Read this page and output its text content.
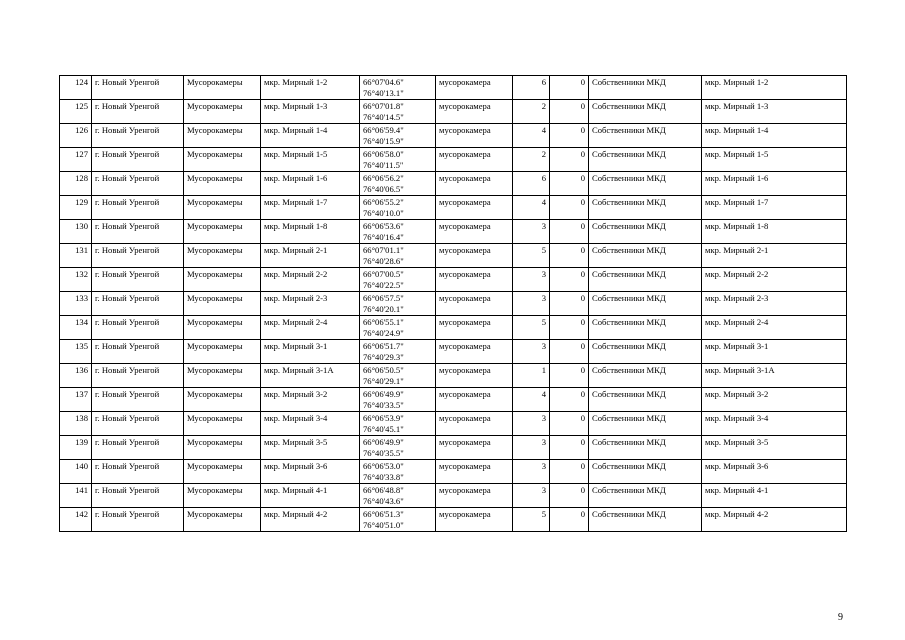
124	г. Новый Уренгой	Мусорокамеры	мкр. Мирный 1-2	66°07'04.6"
76°40'13.1"	мусорокамера	6	0	Собственники МКД	мкр. Мирный 1-2
125	г. Новый Уренгой	Мусорокамеры	мкр. Мирный 1-3	66°07'01.8"
76°40'14.5"	мусорокамера	2	0	Собственники МКД	мкр. Мирный 1-3
126	г. Новый Уренгой	Мусорокамеры	мкр. Мирный 1-4	66°06'59.4"
76°40'15.9"	мусорокамера	4	0	Собственники МКД	мкр. Мирный 1-4
127	г. Новый Уренгой	Мусорокамеры	мкр. Мирный 1-5	66°06'58.0"
76°40'11.5"	мусорокамера	2	0	Собственники МКД	мкр. Мирный 1-5
128	г. Новый Уренгой	Мусорокамеры	мкр. Мирный 1-6	66°06'56.2"
76°40'06.5"	мусорокамера	6	0	Собственники МКД	мкр. Мирный 1-6
129	г. Новый Уренгой	Мусорокамеры	мкр. Мирный 1-7	66°06'55.2"
76°40'10.0"	мусорокамера	4	0	Собственники МКД	мкр. Мирный 1-7
130	г. Новый Уренгой	Мусорокамеры	мкр. Мирный 1-8	66°06'53.6"
76°40'16.4"	мусорокамера	3	0	Собственники МКД	мкр. Мирный 1-8
131	г. Новый Уренгой	Мусорокамеры	мкр. Мирный 2-1	66°07'01.1"
76°40'28.6"	мусорокамера	5	0	Собственники МКД	мкр. Мирный 2-1
132	г. Новый Уренгой	Мусорокамеры	мкр. Мирный 2-2	66°07'00.5"
76°40'22.5"	мусорокамера	3	0	Собственники МКД	мкр. Мирный 2-2
133	г. Новый Уренгой	Мусорокамеры	мкр. Мирный 2-3	66°06'57.5"
76°40'20.1"	мусорокамера	3	0	Собственники МКД	мкр. Мирный 2-3
134	г. Новый Уренгой	Мусорокамеры	мкр. Мирный 2-4	66°06'55.1"
76°40'24.9"	мусорокамера	5	0	Собственники МКД	мкр. Мирный 2-4
135	г. Новый Уренгой	Мусорокамеры	мкр. Мирный 3-1	66°06'51.7"
76°40'29.3"	мусорокамера	3	0	Собственники МКД	мкр. Мирный 3-1
136	г. Новый Уренгой	Мусорокамеры	мкр. Мирный 3-1А	66°06'50.5"
76°40'29.1"	мусорокамера	1	0	Собственники МКД	мкр. Мирный 3-1А
137	г. Новый Уренгой	Мусорокамеры	мкр. Мирный 3-2	66°06'49.9"
76°40'33.5"	мусорокамера	4	0	Собственники МКД	мкр. Мирный 3-2
138	г. Новый Уренгой	Мусорокамеры	мкр. Мирный 3-4	66°06'53.9"
76°40'45.1"	мусорокамера	3	0	Собственники МКД	мкр. Мирный 3-4
139	г. Новый Уренгой	Мусорокамеры	мкр. Мирный 3-5	66°06'49.9"
76°40'35.5"	мусорокамера	3	0	Собственники МКД	мкр. Мирный 3-5
140	г. Новый Уренгой	Мусорокамеры	мкр. Мирный 3-6	66°06'53.0"
76°40'33.8"	мусорокамера	3	0	Собственники МКД	мкр. Мирный 3-6
141	г. Новый Уренгой	Мусорокамеры	мкр. Мирный 4-1	66°06'48.8"
76°40'43.6"	мусорокамера	3	0	Собственники МКД	мкр. Мирный 4-1
142	г. Новый Уренгой	Мусорокамеры	мкр. Мирный 4-2	66°06'51.3"
76°40'51.0"	мусорокамера	5	0	Собственники МКД	мкр. Мирный 4-2
9
